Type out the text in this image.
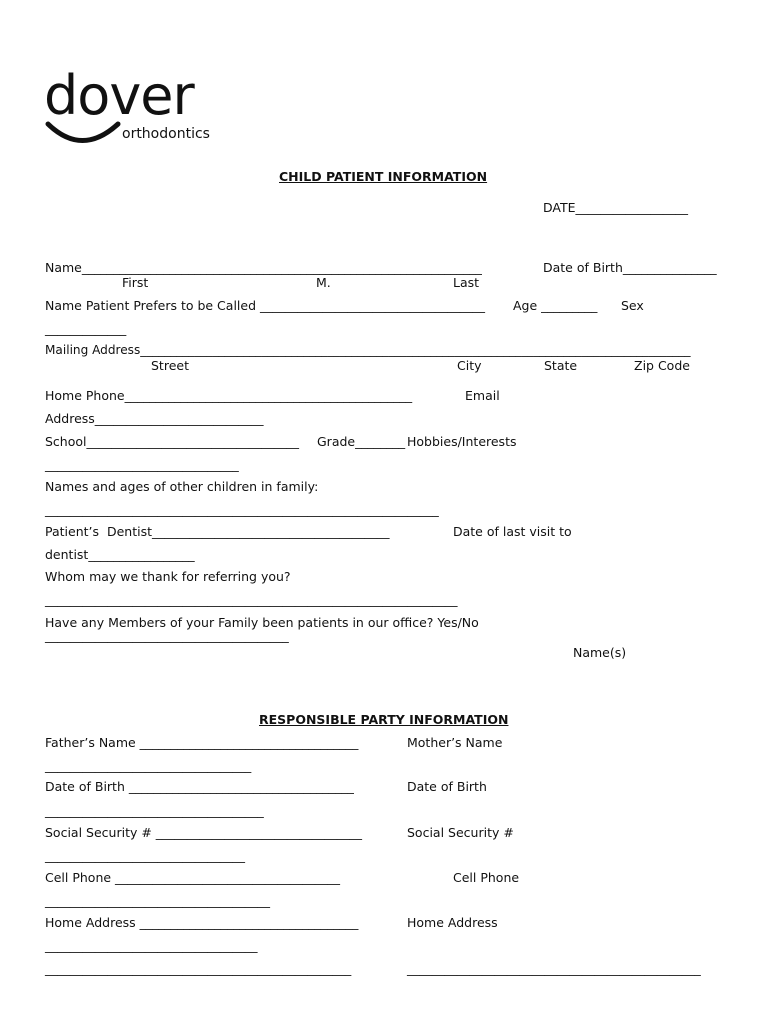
dover
orthodontics
CHILD PATIENT INFORMATION
DATE__________________
Name________________________________________________________________	Date of Birth_______________
First	M.	Last
Name Patient Prefers to be Called ____________________________________ Age _________ Sex
_____________
Mailing Address___________________________________________________________________________________________
Street	City	State	Zip Code
Home Phone______________________________________________	Email
Address___________________________
School__________________________________ Grade________ Hobbies/Interests
_______________________________
Names and ages of other children in family:
_______________________________________________________________
Patient’s  Dentist______________________________________	Date of last visit to
dentist_________________
Whom may we thank for referring you?
__________________________________________________________________
Have any Members of your Family been patients in our office? Yes/No
_______________________________________
Name(s)
RESPONSIBLE PARTY INFORMATION
Father’s Name ___________________________________	Mother’s Name
_________________________________
Date of Birth ____________________________________	Date of Birth
___________________________________
Social Security # _________________________________	Social Security #
________________________________
Cell Phone ____________________________________	Cell Phone
____________________________________
Home Address ___________________________________	Home Address
__________________________________
_________________________________________________	_______________________________________________
